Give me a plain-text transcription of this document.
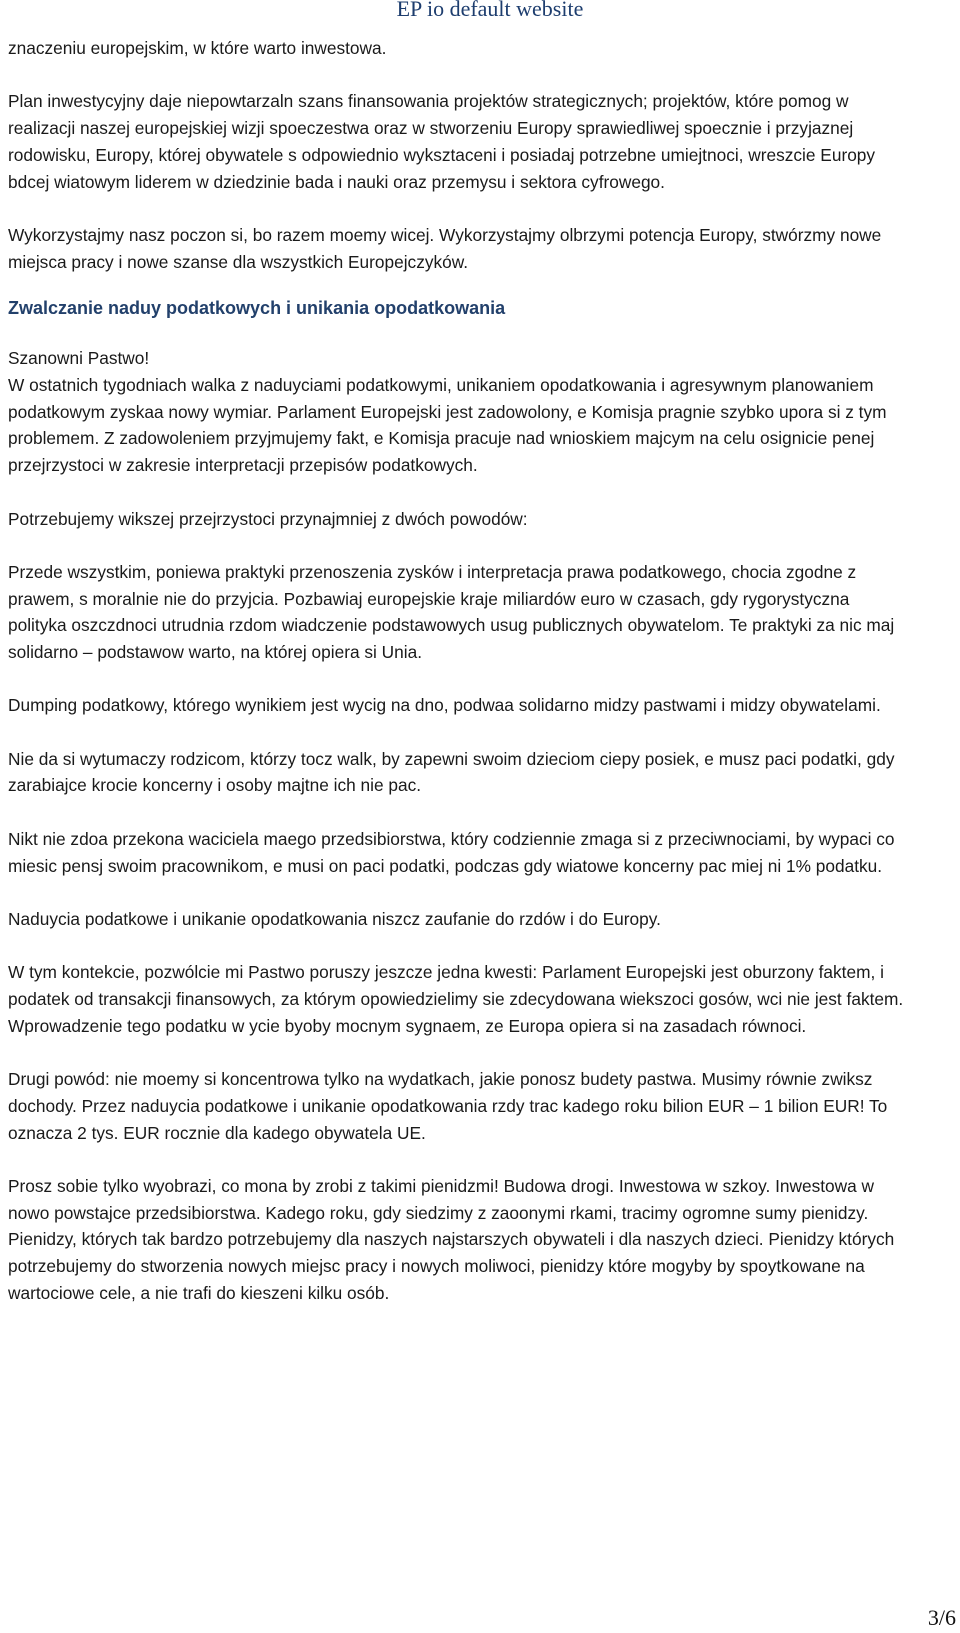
EP io default website

znaczeniu europejskim, w które warto inwestowa.

Plan inwestycyjny daje niepowtarzaln szans finansowania projektów strategicznych; projektów, które pomog w realizacji naszej europejskiej wizji spoeczestwa oraz w stworzeniu Europy sprawiedliwej spoecznie i przyjaznej rodowisku, Europy, której obywatele s odpowiednio wyksztaceni i posiadaj potrzebne umiejtnoci, wreszcie Europy bdcej wiatowym liderem w dziedzinie bada i nauki oraz przemysu i sektora cyfrowego.

Wykorzystajmy nasz poczon si, bo razem moemy wicej. Wykorzystajmy olbrzymi potencja Europy, stwórzmy nowe miejsca pracy i nowe szanse dla wszystkich Europejczyków.

Zwalczanie naduy podatkowych i unikania opodatkowania

Szanowni Pastwo!

W ostatnich tygodniach walka z naduyciami podatkowymi, unikaniem opodatkowania i agresywnym planowaniem podatkowym zyskaa nowy wymiar. Parlament Europejski jest zadowolony, e Komisja pragnie szybko upora si z tym problemem. Z zadowoleniem przyjmujemy fakt, e Komisja pracuje nad wnioskiem majcym na celu osignicie penej przejrzystoci w zakresie interpretacji przepisów podatkowych.

Potrzebujemy wikszej przejrzystoci przynajmniej z dwóch powodów:

Przede wszystkim, poniewa praktyki przenoszenia zysków i interpretacja prawa podatkowego, chocia zgodne z prawem, s moralnie nie do przyjcia. Pozbawiaj europejskie kraje miliardów euro w czasach, gdy rygorystyczna polityka oszczdnoci utrudnia rzdom wiadczenie podstawowych usug publicznych obywatelom. Te praktyki za nic maj solidarno – podstawow warto, na której opiera si Unia.

Dumping podatkowy, którego wynikiem jest wycig na dno, podwaa solidarno midzy pastwami i midzy obywatelami.

Nie da si wytumaczy rodzicom, którzy tocz walk, by zapewni swoim dzieciom ciepy posiek, e musz paci podatki, gdy zarabiajce krocie koncerny i osoby majtne ich nie pac.

Nikt nie zdoa przekona waciciela maego przedsibiorstwa, który codziennie zmaga si z przeciwnociami, by wypaci co miesic pensj swoim pracownikom, e musi on paci podatki, podczas gdy wiatowe koncerny pac miej ni 1% podatku.

Naduycia podatkowe i unikanie opodatkowania niszcz zaufanie do rzdów i do Europy.

W tym kontekcie, pozwólcie mi Pastwo poruszy jeszcze jedna kwesti: Parlament Europejski jest oburzony faktem, i podatek od transakcji finansowych, za którym opowiedzielimy sie zdecydowana wiekszoci gosów, wci nie jest faktem. Wprowadzenie tego podatku w ycie byoby mocnym sygnaem, ze Europa opiera si na zasadach równoci.

Drugi powód: nie moemy si koncentrowa tylko na wydatkach, jakie ponosz budety pastwa. Musimy równie zwiksz dochody. Przez naduycia podatkowe i unikanie opodatkowania rzdy trac kadego roku bilion EUR – 1 bilion EUR! To oznacza 2 tys. EUR rocznie dla kadego obywatela UE.

Prosz sobie tylko wyobrazi, co mona by zrobi z takimi pienidzmi! Budowa drogi. Inwestowa w szkoy. Inwestowa w nowo powstajce przedsibiorstwa. Kadego roku, gdy siedzimy z zaoonymi rkami, tracimy ogromne sumy pienidzy. Pienidzy, których tak bardzo potrzebujemy dla naszych najstarszych obywateli i dla naszych dzieci. Pienidzy których potrzebujemy do stworzenia nowych miejsc pracy i nowych moliwoci, pienidzy które mogyby by spoytkowane na wartociowe cele, a nie trafi do kieszeni kilku osób.

3/6
